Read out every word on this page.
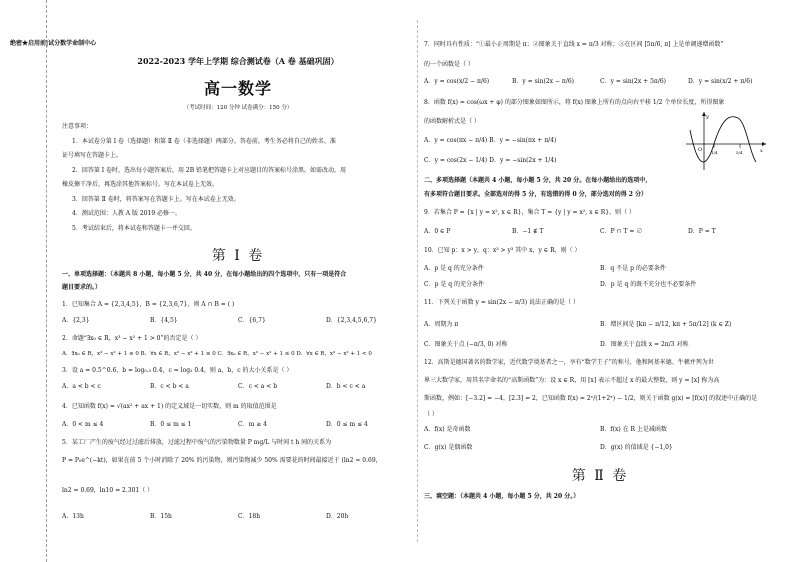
绝密★启用前|试分数学命制中心
2022-2023 学年上学期 综合测试卷（A 卷 基础巩固）
高一数学
（考试时间：120 分钟 试卷满分：150 分）
注意事项：
1．本试卷分第 Ⅰ 卷（选择题）和第 Ⅱ 卷（非选择题）两部分。答卷前，考生务必将自己的姓名、准
证号填写在答题卡上。
2．回答第 Ⅰ 卷时，选出每小题答案后，用 2B 铅笔把答题卡上对应题目的答案标号涂黑，如需改动，用
橡皮擦干净后，再选涂其他答案标号。写在本试卷上无效。
3．回答第 Ⅱ 卷时，将答案写在答题卡上。写在本试卷上无效。
4．测试范围：人教 A 版 2019 必修一。
5．考试结束后，将本试卷和答题卡一并交回。
第 Ⅰ 卷
一、单项选择题：（本题共 8 小题，每小题 5 分，共 40 分，在每小题给出的四个选项中，只有一项是符合
题目要求的。）
1．已知集合 A = {2,3,4,5}，B = {2,3,6,7}，则 A ∩ B = ( )
A．{2,3}	B．{4,5}	C．{6,7}	D．{2,3,4,5,6,7}
2．命题“∃x₀ ∈ R，x³ − x² + 1 > 0”的否定是（ ）
A．∃x₀ ∈ R，x³ − x² + 1 ≤ 0 B．∀x ∈ R，x³ − x² + 1 ≤ 0 C．∃x₀ ∈ R，x³ − x² + 1 ≤ 0 D．∀x ∈ R，x³ − x² + 1 < 0
3．设 a = 0.5^0.6，b = log₀.₅ 0.4，c = log₂ 0.4，则 a，b，c 的大小关系是（ ）
A．a < b < c	B．c < b < a	C．c < a < b	D．b < c < a
4．已知函数 f(x) = √(ax² + ax + 1) 的定义域是一切实数，则 m 的取值范围是
A．0 < m ≤ 4	B．0 ≤ m ≤ 1	C．m ≥ 4	D．0 ≤ m ≤ 4
5．某工厂产生的废气经过过滤后排放，过滤过程中废气的污染物数量 P mg/L 与时间 t h 间的关系为
P = P₀e^(−kt)，如果在前 5 个小时消除了 20% 的污染物，则污染物减少 50% 需要花的时间最接近于 (ln2 ≈ 0.69，
ln2 = 0.69，ln10 = 2.301（ ）
A．13h	B．15h	C．18h	D．20h
7．同时具有性质：“①最小正周期是 π；②图象关于直线 x = π/3 对称；③在区间 [5π/6, π] 上是单调递增函数”
的一个函数是（ ）
A．y = cos(x/2 − π/6)	B．y = sin(2x − π/6)	C．y = sin(2x + 5π/6)	D．y = sin(x/2 + π/6)
8．函数 f(x) = cos(ωx + φ) 的部分图象如图所示，将 f(x) 图象上所有的点向右平移 1/2 个单位长度，所得图象
的函数解析式是（ ）
A．y = cos(πx − π/4) B．y = −sin(πx + π/4)
C．y = cos(2x − 1/4) D．y = −sin(2x + 1/4)
二、多项选择题（本题共 4 小题，每小题 5 分，共 20 分。在每小题给出的选项中，
有多项符合题目要求。全部选对的得 5 分，有选错的得 0 分，部分选对的得 2 分）
9．若集合 P = {x | y = x², x ∈ R}，集合 T = {y | y = x², x ∈ R}，则（ ）
A．0 ∈ P	B．−1 ∉ T	C．P ∩ T = ∅	D．P = T
10．已知 p：x > y，q：x³ > y³ 其中 x，y ∈ R，则（ ）
A．p 是 q 的充分条件	B．q 不是 p 的必要条件
C．p 是 q 的充分条件	D．p 是 q 的既不充分也不必要条件
11．下列关于函数 y = sin(2x − π/3) 说法正确的是（ ）
A．周期为 π	B．增区间是 [kπ − π/12, kπ + 5π/12] (k ∈ Z)
C．图象关于点 (−π/3, 0) 对称	D．图象关于直线 x = 2π/3 对称
12．高斯是德国著名的数学家，近代数学奠基者之一，享有“数学王子”的称号，他和阿基米德、牛顿并列为世
界三大数学家，用其名字命名的“高斯函数”为：设 x ∈ R，用 [x] 表示不超过 x 的最大整数，则 y = [x] 称为高
斯函数，例如：[−3.2] = −4，[2.3] = 2，已知函数 f(x) = 2ˣ/(1+2ˣ) − 1/2，则关于函数 g(x) = [f(x)] 的叙述中正确的是
（ ）
A．f(x) 是奇函数	B．f(x) 在 R 上是减函数
C．g(x) 是偶函数	D．g(x) 的值域是 {−1,0}
第 Ⅱ 卷
三、填空题：（本题共 4 小题，每小题 5 分，共 20 分。）
y
x
O 1/4	5/4
